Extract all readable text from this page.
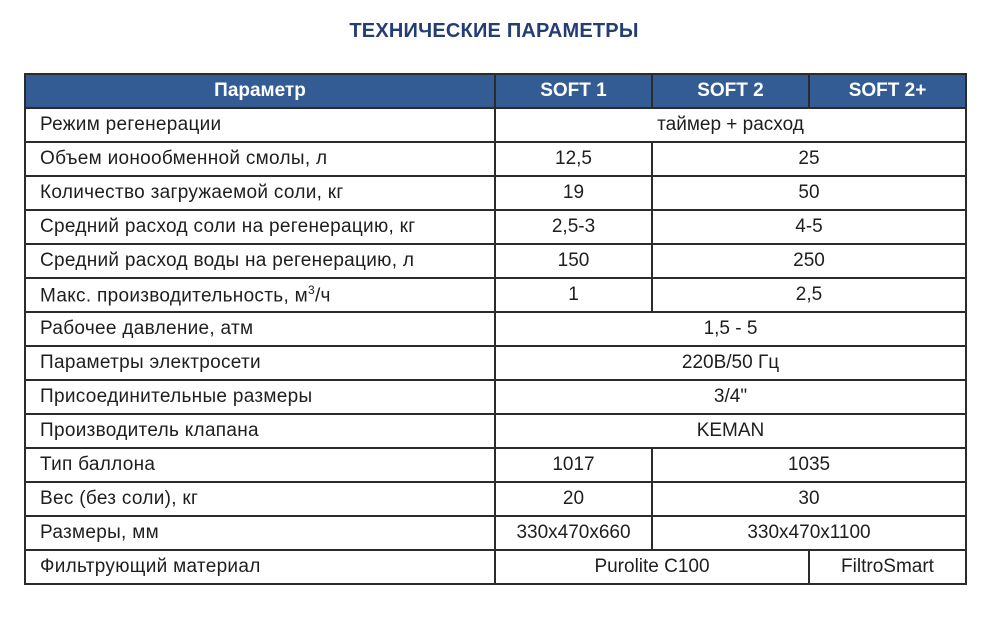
ТЕХНИЧЕСКИЕ ПАРАМЕТРЫ
Параметр	SOFT 1	SOFT 2	SOFT 2+
Режим регенерации	таймер + расход		
Объем ионообменной смолы, л	12,5	25	
Количество загружаемой соли, кг	19	50	
Средний расход соли на регенерацию, кг	2,5-3	4-5	
Средний расход воды на регенерацию, л	150	250	
Макс. производительность, $м^3/ч$	1	2,5	
Рабочее давление, атм	1,5 - 5		
Параметры электросети	220В/50 Гц		
Присоединительные размеры	3/4"		
Производитель клапана	KEMAN		
Тип баллона	1017	1035	
Вес (без соли), кг	20	30	
Размеры, мм	330x470x660	330x470x1100	
Фильтрующий материал	Purolite C100		FiltroSmart
